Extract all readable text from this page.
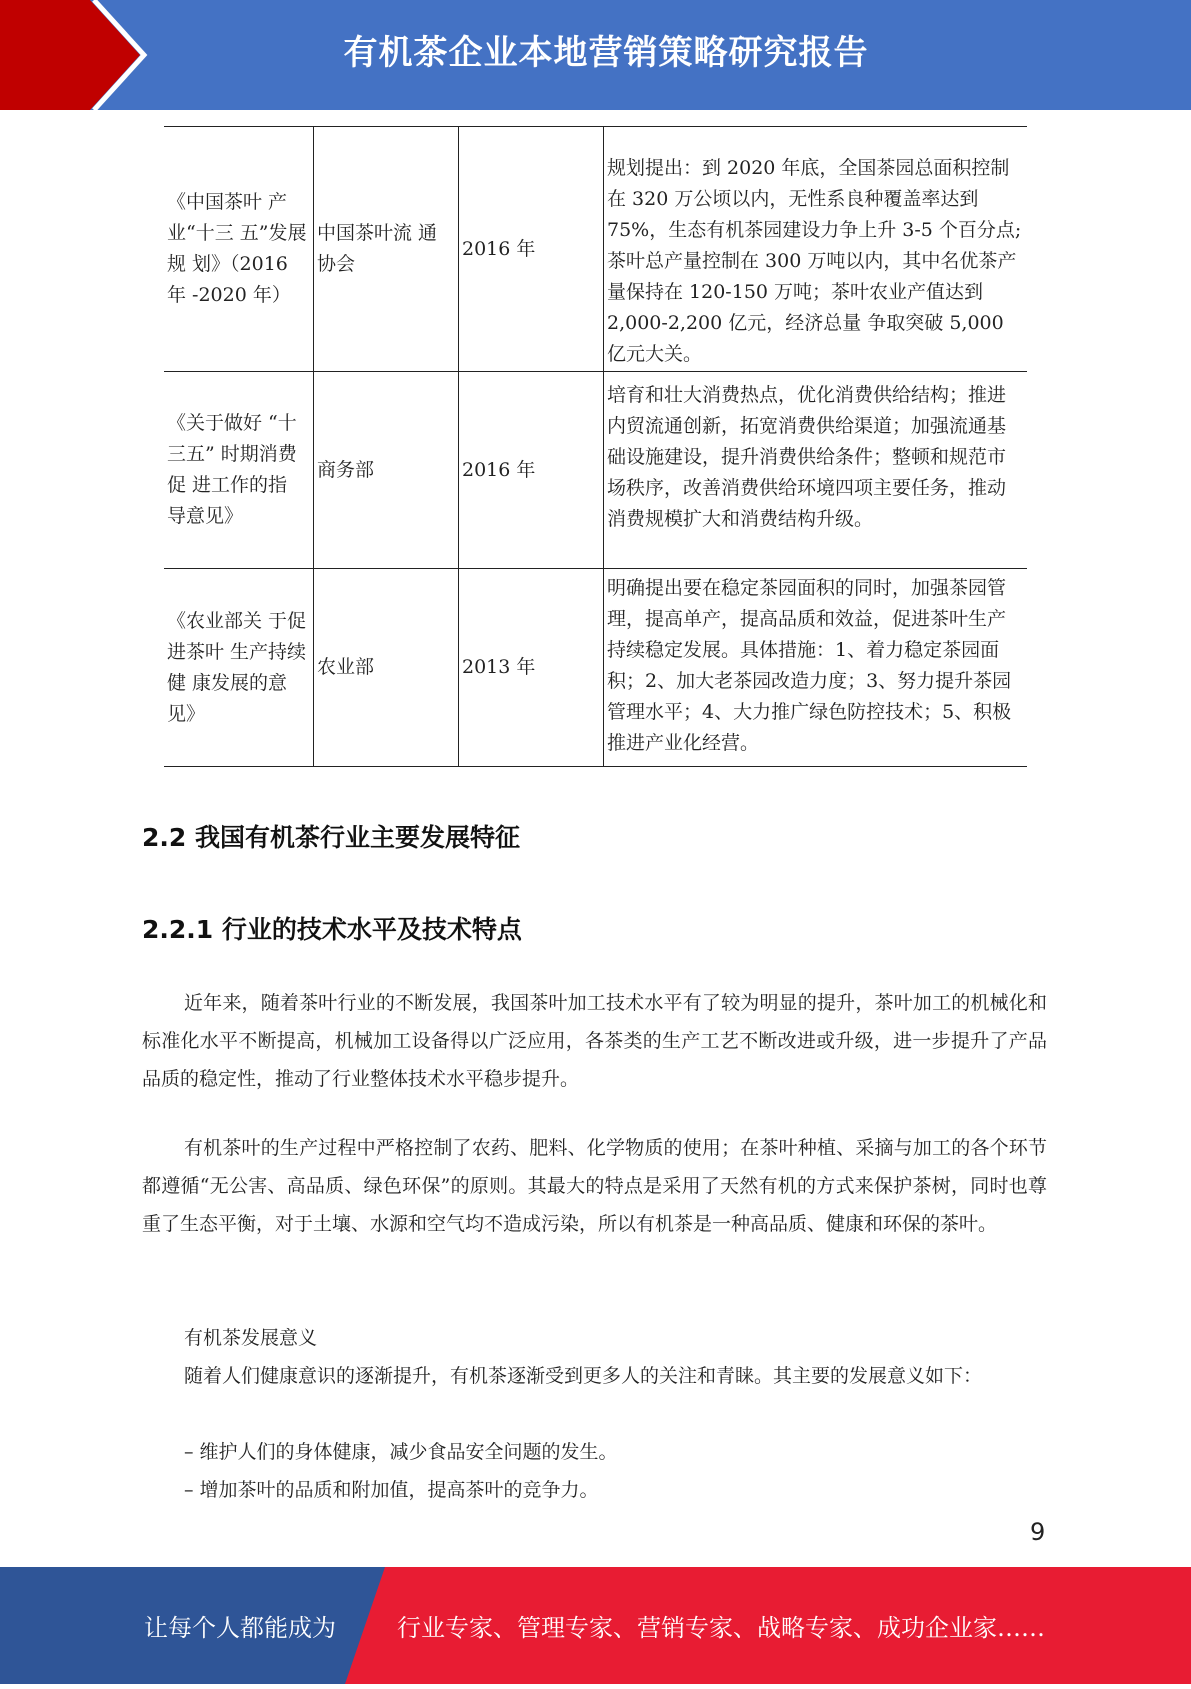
有机茶企业本地营销策略研究报告
《中国茶叶 产业“十三 五”发展规 划》（2016 年 -2020 年）	中国茶叶流 通协会	2016 年	规划提出：到 2020 年底，全国茶园总面积控制在 320 万公顷以内，无性系良种覆盖率达到 75%，生态有机茶园建设力争上升 3-5 个百分点;茶叶总产量控制在 300 万吨以内，其中名优茶产量保持在 120-150 万吨；茶叶农业产值达到 2,000-2,200 亿元，经济总量 争取突破 5,000 亿元大关。
《关于做好 “十三五” 时期消费促 进工作的指 导意见》	商务部	2016 年	培育和壮大消费热点，优化消费供给结构；推进内贸流通创新，拓宽消费供给渠道；加强流通基础设施建设，提升消费供给条件；整顿和规范市场秩序，改善消费供给环境四项主要任务，推动消费规模扩大和消费结构升级。
《农业部关 于促进茶叶 生产持续健 康发展的意 见》	农业部	2013 年	明确提出要在稳定茶园面积的同时，加强茶园管理，提高单产，提高品质和效益，促进茶叶生产持续稳定发展。具体措施：1、着力稳定茶园面积；2、加大老茶园改造力度；3、努力提升茶园管理水平；4、大力推广绿色防控技术；5、积极推进产业化经营。
2.2 我国有机茶行业主要发展特征
2.2.1 行业的技术水平及技术特点
近年来，随着茶叶行业的不断发展，我国茶叶加工技术水平有了较为明显的提升，茶叶加工的机械化和标准化水平不断提高，机械加工设备得以广泛应用，各茶类的生产工艺不断改进或升级，进一步提升了产品品质的稳定性，推动了行业整体技术水平稳步提升。
有机茶叶的生产过程中严格控制了农药、肥料、化学物质的使用；在茶叶种植、采摘与加工的各个环节都遵循“无公害、高品质、绿色环保”的原则。其最大的特点是采用了天然有机的方式来保护茶树，同时也尊重了生态平衡，对于土壤、水源和空气均不造成污染，所以有机茶是一种高品质、健康和环保的茶叶。
有机茶发展意义
随着人们健康意识的逐渐提升，有机茶逐渐受到更多人的关注和青睐。其主要的发展意义如下：
– 维护人们的身体健康，减少食品安全问题的发生。
– 增加茶叶的品质和附加值，提高茶叶的竞争力。
9
让每个人都能成为	行业专家、管理专家、营销专家、战略专家、成功企业家……
